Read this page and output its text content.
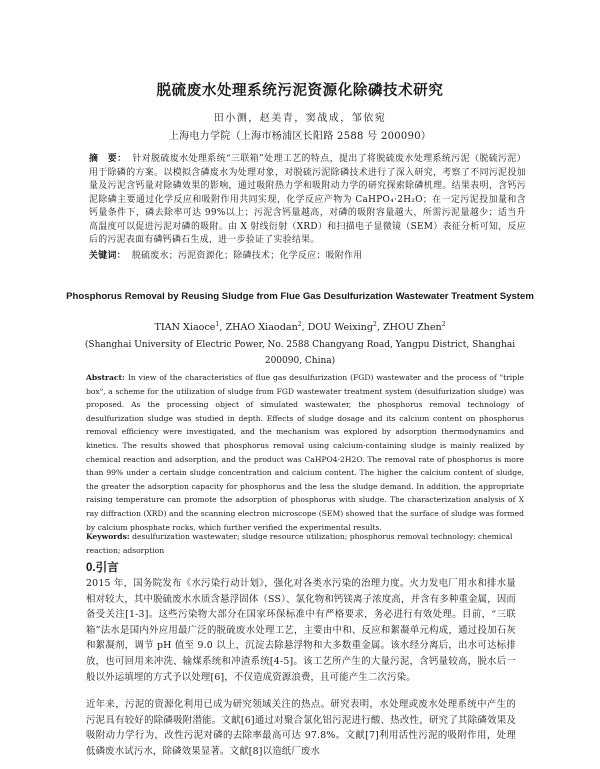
脱硫废水处理系统污泥资源化除磷技术研究
田小测，赵美青，窦战成，邹依宛
上海电力学院（上海市杨浦区长阳路 2588 号 200090）
摘　要： 针对脱硫废水处理系统“三联箱”处理工艺的特点，提出了将脱硫废水处理系统污泥（脱硫污泥）用于除磷的方案。以模拟含磷废水为处理对象，对脱硫污泥除磷技术进行了深入研究，考察了不同污泥投加量及污泥含钙量对除磷效果的影响，通过吸附热力学和吸附动力学的研究探索除磷机理。结果表明，含钙污泥除磷主要通过化学反应和吸附作用共同实现，化学反应产物为 CaHPO₄·2H₂O；在一定污泥投加量和含钙量条件下，磷去除率可达 99%以上；污泥含钙量越高，对磷的吸附容量越大，所需污泥量越少；适当升高温度可以促进污泥对磷的吸附。由 X 射线衍射（XRD）和扫描电子显微镜（SEM）表征分析可知，反应后的污泥表面有磷钙磷石生成，进一步验证了实验结果。
关键词： 脱硫废水；污泥资源化；除磷技术；化学反应；吸附作用
Phosphorus Removal by Reusing Sludge from Flue Gas Desulfurization Wastewater Treatment System
TIAN Xiaoce$^1$, ZHAO Xiaodan$^2$, DOU Weixing$^2$, ZHOU Zhen$^2$
(Shanghai University of Electric Power, No. 2588 Changyang Road, Yangpu District, Shanghai 200090, China)
Abstract: In view of the characteristics of flue gas desulfurization (FGD) wastewater and the process of "triple box", a scheme for the utilization of sludge from FGD wastewater treatment system (desulfurization sludge) was proposed. As the processing object of simulated wastewater, the phosphorus removal technology of desulfurization sludge was studied in depth. Effects of sludge dosage and its calcium content on phosphorus removal efficiency were investigated, and the mechanism was explored by adsorption thermodynamics and kinetics. The results showed that phosphorus removal using calcium-containing sludge is mainly realized by chemical reaction and adsorption, and the product was CaHPO4·2H2O. The removal rate of phosphorus is more than 99% under a certain sludge concentration and calcium content. The higher the calcium content of sludge, the greater the adsorption capacity for phosphorus and the less the sludge demand. In addition, the appropriate raising temperature can promote the adsorption of phosphorus with sludge. The characterization analysis of X ray diffraction (XRD) and the scanning electron microscope (SEM) showed that the surface of sludge was formed by calcium phosphate rocks, which further verified the experimental results.
Keywords: desulfurization wastewater; sludge resource utilization; phosphorus removal technology; chemical reaction; adsorption
0.引言
2015 年，国务院发布《水污染行动计划》，强化对各类水污染的治理力度。火力发电厂用水和排水量相对较大，其中脱硫废水水质含悬浮固体（SS）、氯化物和钙镁离子浓度高，并含有多种重金属，因而备受关注[1-3]。这些污染物大部分在国家环保标准中有严格要求，务必进行有效处理。目前，“三联箱”法水是国内外应用最广泛的脱硫废水处理工艺，主要由中和、反应和絮凝单元构成，通过投加石灰和絮凝剂，调节 pH 值至 9.0 以上，沉淀去除悬浮物和大多数重金属。该水经分离后，出水可达标排放，也可回用来冲洗、输煤系统和冲渣系统[4-5]。该工艺所产生的大量污泥，含钙量较高，脱水后一般以外运填埋的方式予以处理[6]，不仅造成资源浪费，且可能产生二次污染。
近年来，污泥的资源化利用已成为研究领域关注的热点。研究表明，水处理或废水处理系统中产生的污泥具有较好的除磷吸附潜能。文献[6]通过对聚合氯化铝污泥进行酸、热改性，研究了其除磷效果及吸附动力学行为，改性污泥对磷的去除率最高可达 97.8%。文献[7]利用活性污泥的吸附作用，处理低磷废水试污水，除磷效果显著。文献[8]以造纸厂废水
